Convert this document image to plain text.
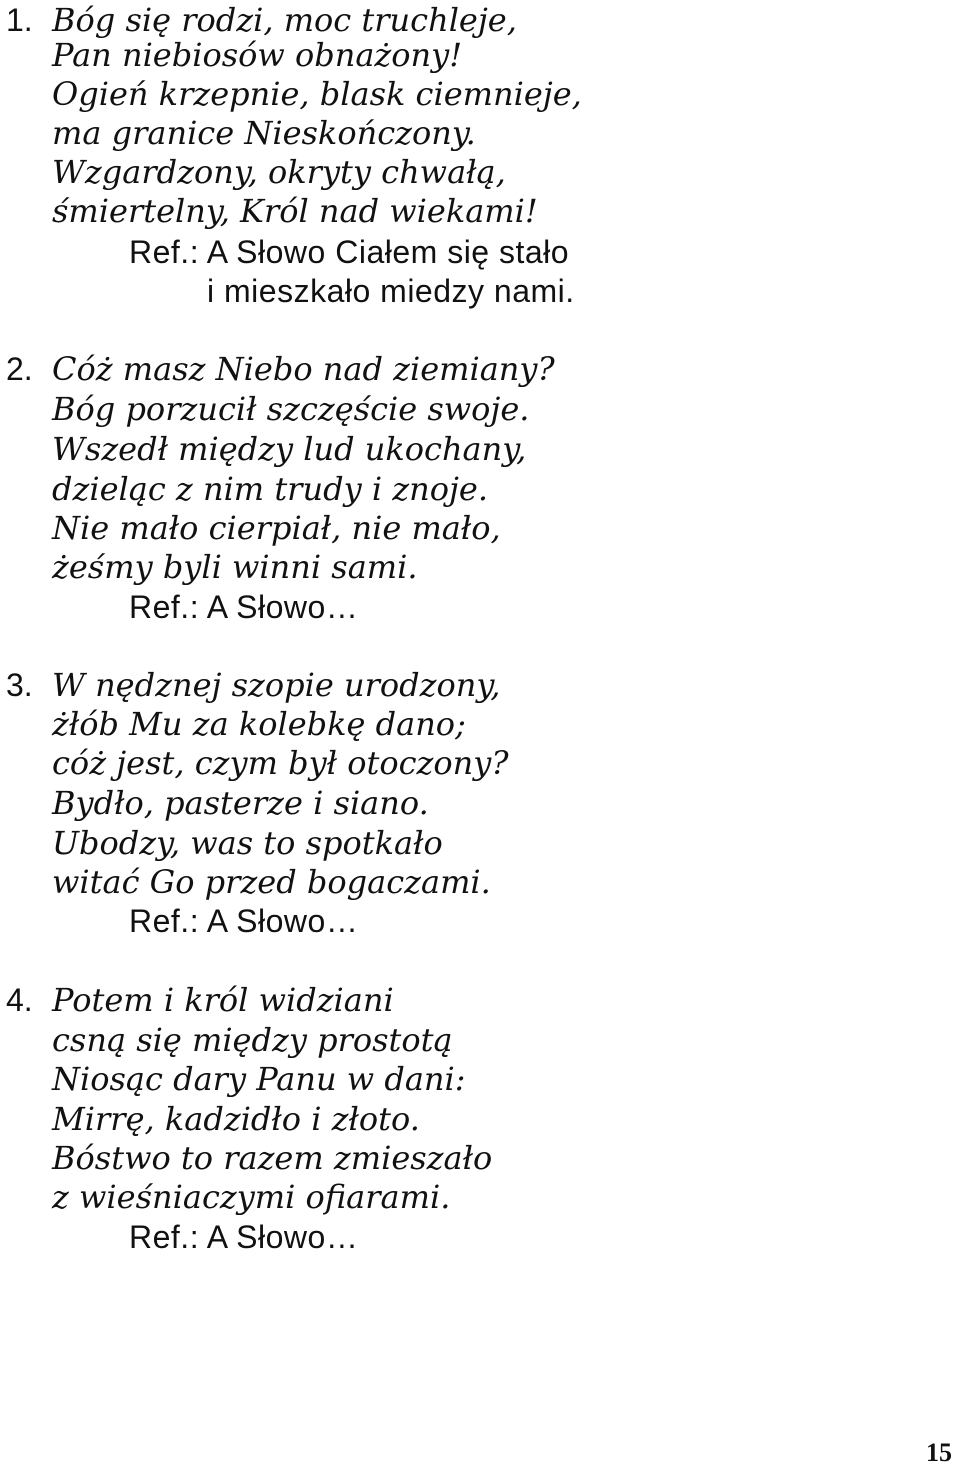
1. Bóg się rodzi, moc truchleje,
Pan niebiosów obnażony!
Ogień krzepnie, blask ciemnieje,
ma granice Nieskończony.
Wzgardzony, okryty chwałą,
śmiertelny, Król nad wiekami!
Ref.: A Słowo Ciałem się stało
i mieszkało miedzy nami.
2. Cóż masz Niebo nad ziemiany?
Bóg porzucił szczęście swoje.
Wszedł między lud ukochany,
dzieląc z nim trudy i znoje.
Nie mało cierpiał, nie mało,
żeśmy byli winni sami.
Ref.: A Słowo…
3. W nędznej szopie urodzony,
żłób Mu za kolebkę dano;
cóż jest, czym był otoczony?
Bydło, pasterze i siano.
Ubodzy, was to spotkało
witać Go przed bogaczami.
Ref.: A Słowo…
4. Potem i król widziani
csną się między prostotą
Niosąc dary Panu w dani:
Mirrę, kadzidło i złoto.
Bóstwo to razem zmieszało
z wieśniaczymi ofiarami.
Ref.: A Słowo…
15
